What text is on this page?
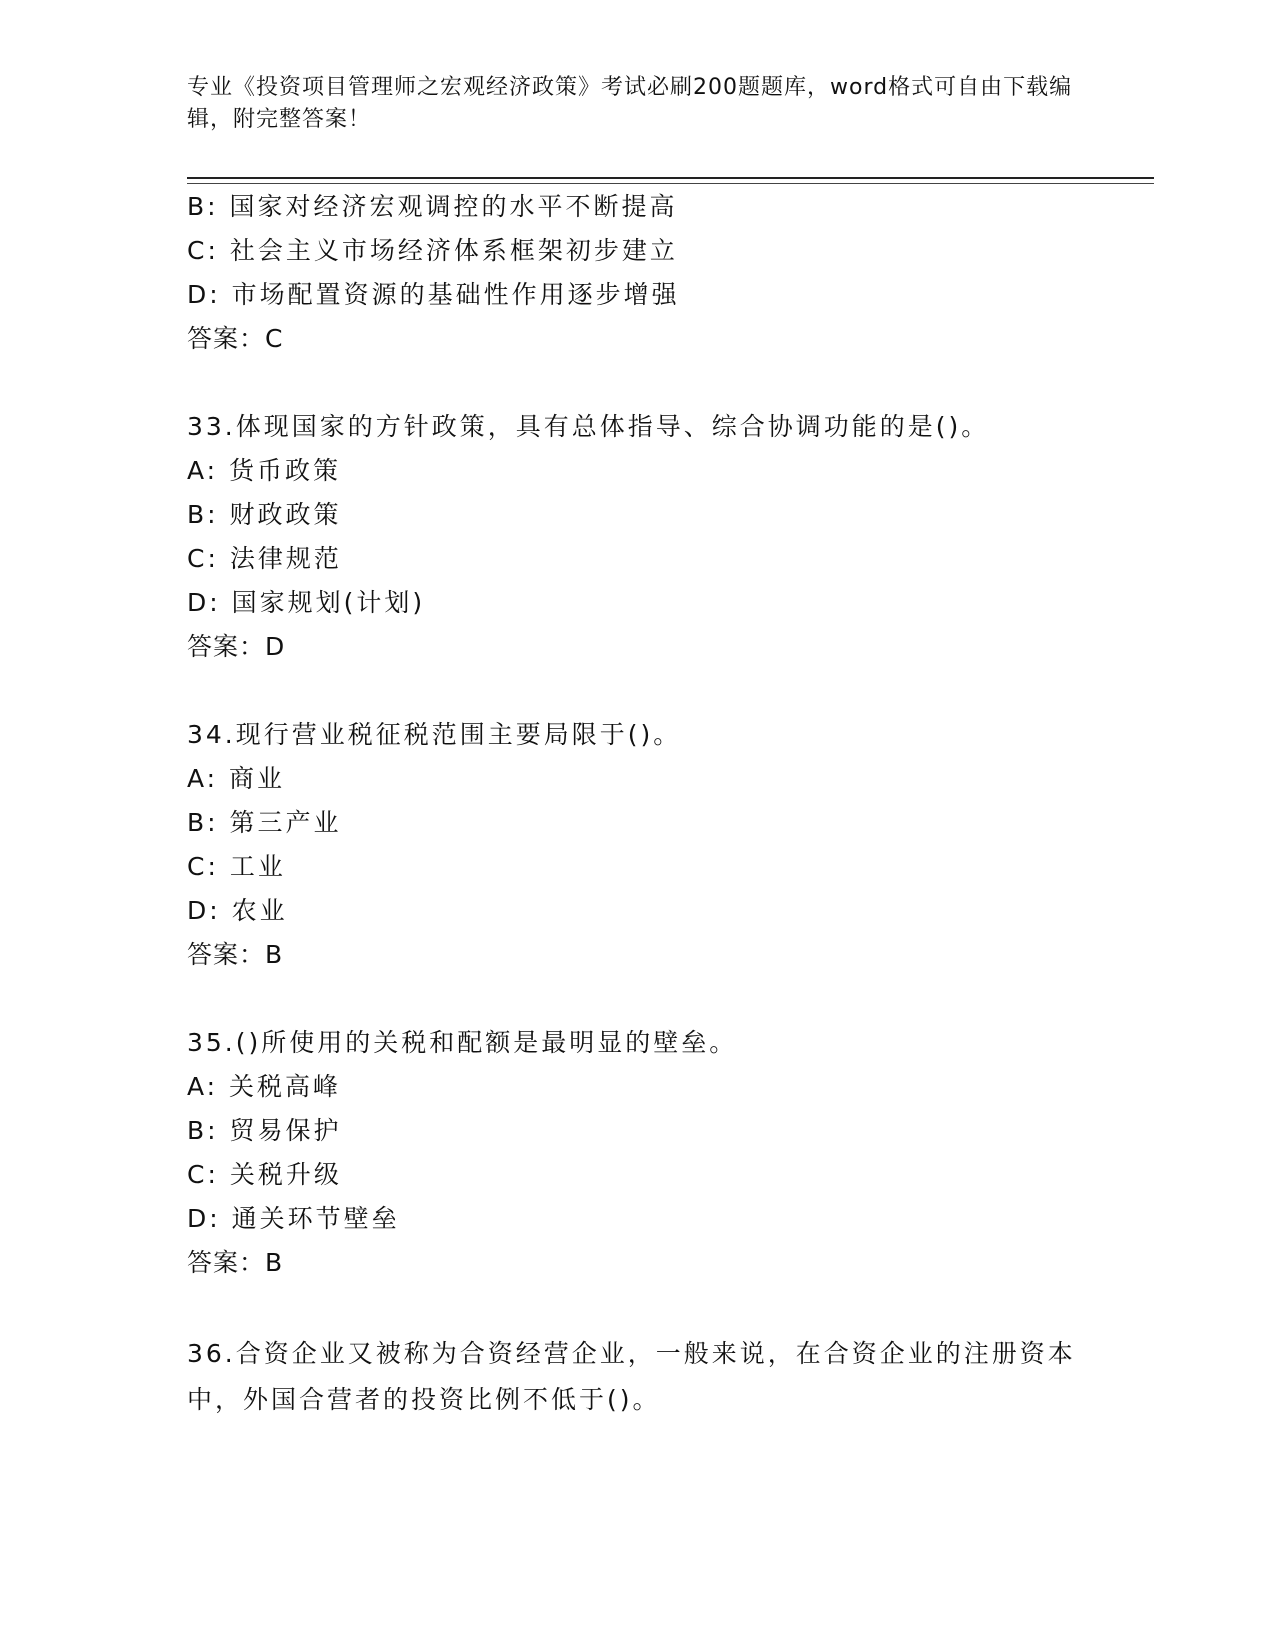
专业《投资项目管理师之宏观经济政策》考试必刷200题题库，word格式可自由下载编辑，附完整答案！
B: 国家对经济宏观调控的水平不断提高
C: 社会主义市场经济体系框架初步建立
D: 市场配置资源的基础性作用逐步增强
答案：C
33.体现国家的方针政策，具有总体指导、综合协调功能的是()。
A: 货币政策
B: 财政政策
C: 法律规范
D: 国家规划(计划)
答案：D
34.现行营业税征税范围主要局限于()。
A: 商业
B: 第三产业
C: 工业
D: 农业
答案：B
35.()所使用的关税和配额是最明显的壁垒。
A: 关税高峰
B: 贸易保护
C: 关税升级
D: 通关环节壁垒
答案：B
36.合资企业又被称为合资经营企业，一般来说，在合资企业的注册资本中，外国合营者的投资比例不低于()。
